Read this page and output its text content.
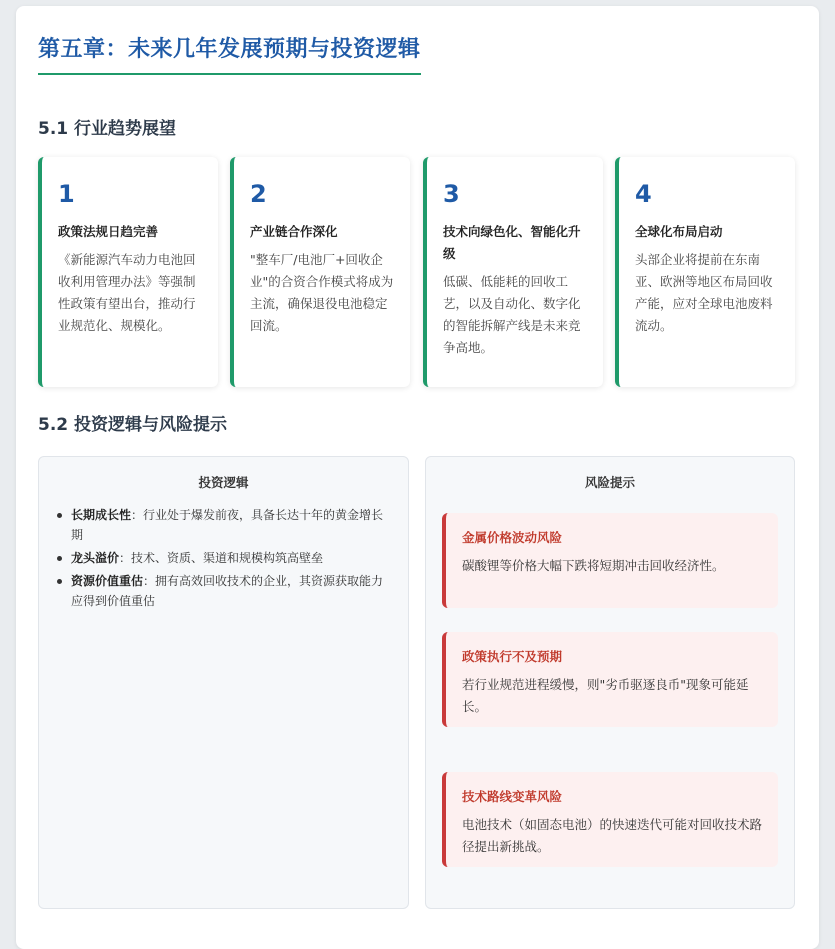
第五章：未来几年发展预期与投资逻辑
5.1 行业趋势展望
1
政策法规日趋完善
《新能源汽车动力电池回收利用管理办法》等强制性政策有望出台，推动行业规范化、规模化。
2
产业链合作深化
"整车厂/电池厂+回收企业"的合资合作模式将成为主流，确保退役电池稳定回流。
3
技术向绿色化、智能化升级
低碳、低能耗的回收工艺，以及自动化、数字化的智能拆解产线是未来竞争高地。
4
全球化布局启动
头部企业将提前在东南亚、欧洲等地区布局回收产能，应对全球电池废料流动。
5.2 投资逻辑与风险提示
投资逻辑
长期成长性：行业处于爆发前夜，具备长达十年的黄金增长期
龙头溢价：技术、资质、渠道和规模构筑高壁垒
资源价值重估：拥有高效回收技术的企业，其资源获取能力应得到价值重估
风险提示
金属价格波动风险
碳酸锂等价格大幅下跌将短期冲击回收经济性。
政策执行不及预期
若行业规范进程缓慢，则"劣币驱逐良币"现象可能延长。
技术路线变革风险
电池技术（如固态电池）的快速迭代可能对回收技术路径提出新挑战。
